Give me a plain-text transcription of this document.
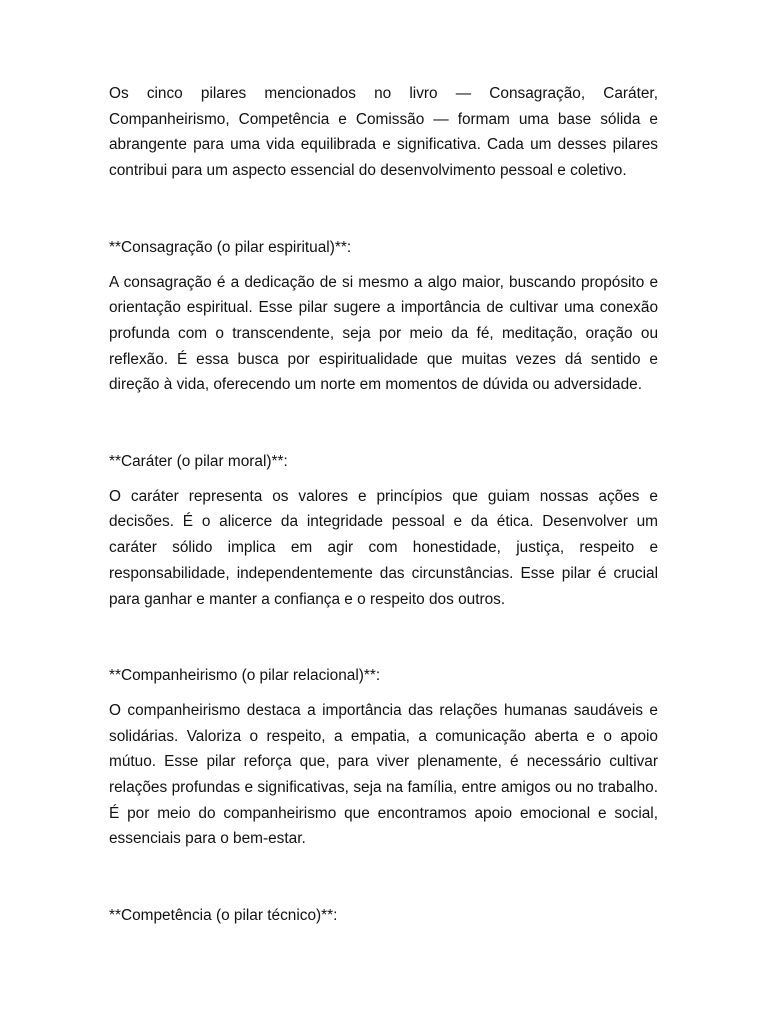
Os cinco pilares mencionados no livro — Consagração, Caráter, Companheirismo, Competência e Comissão — formam uma base sólida e abrangente para uma vida equilibrada e significativa. Cada um desses pilares contribui para um aspecto essencial do desenvolvimento pessoal e coletivo.

**Consagração (o pilar espiritual)**:

A consagração é a dedicação de si mesmo a algo maior, buscando propósito e orientação espiritual. Esse pilar sugere a importância de cultivar uma conexão profunda com o transcendente, seja por meio da fé, meditação, oração ou reflexão. É essa busca por espiritualidade que muitas vezes dá sentido e direção à vida, oferecendo um norte em momentos de dúvida ou adversidade.

**Caráter (o pilar moral)**:

O caráter representa os valores e princípios que guiam nossas ações e decisões. É o alicerce da integridade pessoal e da ética. Desenvolver um caráter sólido implica em agir com honestidade, justiça, respeito e responsabilidade, independentemente das circunstâncias. Esse pilar é crucial para ganhar e manter a confiança e o respeito dos outros.

**Companheirismo (o pilar relacional)**:

O companheirismo destaca a importância das relações humanas saudáveis e solidárias. Valoriza o respeito, a empatia, a comunicação aberta e o apoio mútuo. Esse pilar reforça que, para viver plenamente, é necessário cultivar relações profundas e significativas, seja na família, entre amigos ou no trabalho. É por meio do companheirismo que encontramos apoio emocional e social, essenciais para o bem-estar.

**Competência (o pilar técnico)**:
